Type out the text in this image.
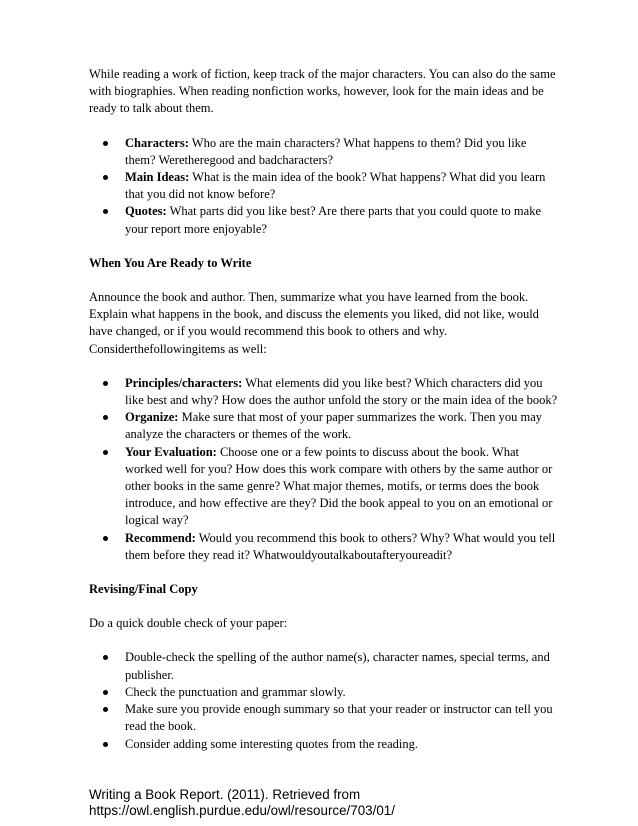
While reading a work of fiction, keep track of the major characters. You can also do the same with biographies. When reading nonfiction works, however, look for the main ideas and be ready to talk about them.

Characters: Who are the main characters? What happens to them? Did you like them? Weretheregood and badcharacters?
Main Ideas: What is the main idea of the book? What happens? What did you learn that you did not know before?
Quotes: What parts did you like best? Are there parts that you could quote to make your report more enjoyable?

When You Are Ready to Write

Announce the book and author. Then, summarize what you have learned from the book. Explain what happens in the book, and discuss the elements you liked, did not like, would have changed, or if you would recommend this book to others and why. Considerthefollowingitems as well:

Principles/characters: What elements did you like best? Which characters did you like best and why? How does the author unfold the story or the main idea of the book?
Organize: Make sure that most of your paper summarizes the work. Then you may analyze the characters or themes of the work.
Your Evaluation: Choose one or a few points to discuss about the book. What worked well for you? How does this work compare with others by the same author or other books in the same genre? What major themes, motifs, or terms does the book introduce, and how effective are they? Did the book appeal to you on an emotional or logical way?
Recommend: Would you recommend this book to others? Why? What would you tell them before they read it? Whatwouldyoutalkaboutafteryoureadit?

Revising/Final Copy

Do a quick double check of your paper:

Double-check the spelling of the author name(s), character names, special terms, and publisher.
Check the punctuation and grammar slowly.
Make sure you provide enough summary so that your reader or instructor can tell you read the book.
Consider adding some interesting quotes from the reading.

Writing a Book Report. (2011). Retrieved from

https://owl.english.purdue.edu/owl/resource/703/01/
